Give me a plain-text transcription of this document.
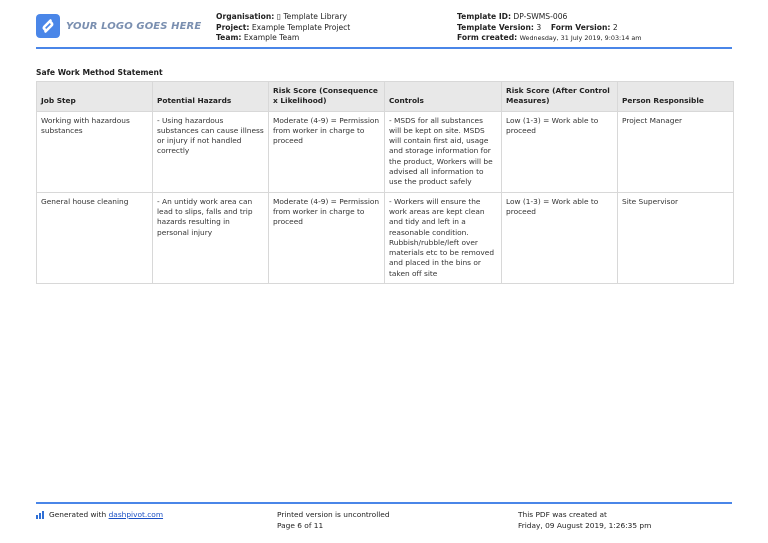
YOUR LOGO GOES HERE
Organisation: ▯ Template Library
Project: Example Template Project
Team: Example Team
Template ID: DP-SWMS-006
Template Version: 3 Form Version: 2
Form created: Wednesday, 31 July 2019, 9:03:14 am
Safe Work Method Statement
Job Step	Potential Hazards	Risk Score (Consequence x Likelihood)	Controls	Risk Score (After Control Measures)	Person Responsible
Working with hazardous substances	- Using hazardous substances can cause illness or injury if not handled correctly	Moderate (4-9) = Permission from worker in charge to proceed	- MSDS for all substances will be kept on site. MSDS will contain first aid, usage and storage information for the product, Workers will be advised all information to use the product safely	Low (1-3) = Work able to proceed	Project Manager
General house cleaning	- An untidy work area can lead to slips, falls and trip hazards resulting in personal injury	Moderate (4-9) = Permission from worker in charge to proceed	- Workers will ensure the work areas are kept clean and tidy and left in a reasonable condition. Rubbish/rubble/left over materials etc to be removed and placed in the bins or taken off site	Low (1-3) = Work able to proceed	Site Supervisor
Generated with dashpivot.com	Printed version is uncontrolled
Page 6 of 11
This PDF was created at
Friday, 09 August 2019, 1:26:35 pm
